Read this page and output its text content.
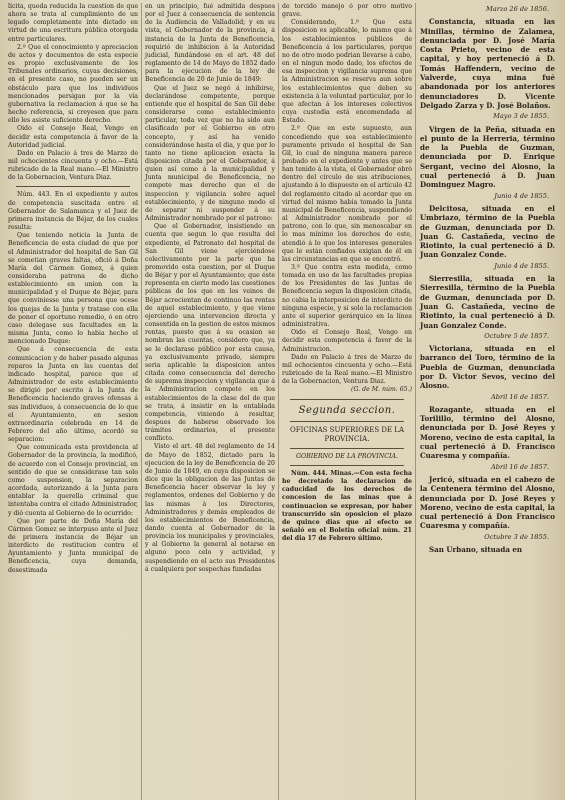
lícita, queda reducida la cuestion de que ahora se trata al cumplimiento de un legado completamente inte dictado en virtud de una escritura pública otorgada entre particulares.

2.º Que el conocimiento y apreciacion de actos y documentos de esta especie es propio exclusivamente de los Tribunales ordinarios, cuyas decisiones, en el presente caso, no pueden ser un obstáculo para que los individuos mencionados persigan por la vía gubernativa la reclamacion á que se ha hecho referencia, si creyesen que para ello les asiste suficiente derecho.

Oido el Consejo Real, Vengo en decidir esta competencia á favor de la Autoridad judicial.

Dado en Palacio á tres de Marzo de mil ochocientos cincuenta y ocho.—Está rubricado de la Real mano.—El Ministro de la Gobernacion, Ventura Diaz.

Núm. 443. En el expediente y autos de competencia suscitada entre el Gobernador de Salamanca y el Juez de primera instancia de Béjar, de los cuales resulta:

Que teniendo noticia la Junta de Beneficencia de esta ciudad de que por el Administrador del hospital de San Gil se cometian graves faltas, ofició á Doña María del Cármen Gomez, á quien consideraba patrona de dicho establecimiento en union con la municipalidad y el Duque de Béjar, para que conviniesse una persona que ocese los quejas de la Junta y tratase con ella de poner el oportuno remedio, ó en otro caso delegase sus facultades en la misma Junta, como lo habia hecho el mencionado Duque:

Que á consecuencia de esta comunicacion y de haber pasado algunas reparos la Junta en las cuentas del indicado hospital, parece que el Administrador de este establecimiento se dirigió por escrito á la Junta de Beneficencia haciendo graves ofensas á sus individuos, á consecuencia de lo que el Ayuntamiento, en sesion extraordinaria celebrada en 14 de Febrero del año último, acordó su separacion:

Que comunicada esta providencia al Gobernador de la provincia, la modificó, de acuerdo con el Consejo provincial, en sentido de que se considerase tan solo como suspension, la separacion acordada, autorizando á la Junta para entablar la querella criminal que intentaba contra el citado Administrador, y dió cuenta al Gobierno de lo ocurrido:

Que por parte de Doña María del Cármen Gomez se interpuso ante el Juez de primera instancia de Béjar un interdicto de restitucion contra el Ayuntamiento y Junta municipal de Beneficencia, cuya demanda, desestimada

en un principio, fué admitida despues por el Juez á consecuencia de sentencia de la Audiencia de Valladolid; y en su vista, el Gobernador de la provincia, á instancia de la Junta de Beneficencia, requirió de inhibicion á la Autoridad judicial, fundándose en el art. 48 del reglamento de 14 de Mayo de 1852 dado para la ejecucion de la ley de Beneficencia de 20 de Junio de 1849:

Que el Juez se negó á inhibirse, declarándose competente, porque entiende que el hospital de San Gil debe considerarse como establecimiento particular, toda vez que no ha sido aun clasificado por el Gobierno en otro concepto, y así ha venido considerándose hasta el dia, y que por lo tanto no tiene aplicacion exacta la disposicion citada por el Gobernador, á quien así como á la municipalidad y Junta municipal de Beneficencia, no compete mas derecho que el de inspeccion y vigilancia sobre aquel establecimiento, y de ninguno modo el de separar ni suspender á su Administrador nombrado por el patrono:

Que el Gobernador, insistiendo en cuenta que segun lo que resulta del expediente, el Patronato del hospital de San Gil viene ejerciéndose colectivamente por la parte que ha promovido esta cuestion, por el Duque de Béjar y por el Ayuntamiento; que éste representa en cierto modo las cuestiones públicas de los que en los veinos de Béjar acrecientan de continuo las rentas de aquel establecimiento, y que viene ejerciendo una intervencion directa y consentida en la gestion de estos mismos rentas, puesto que á su ocasion se nombran las cuentas, considero que, ya se le declarase público por esta causa, ya exclusivamente privado, siempre seria aplicable la disposicion antes citada como consecuencia del derecho de suprema inspeccion y vigilancia que á la Administracion compete en los establecimientos de la clase del de que se trata, á insistir en la entablada competencia, viniendo á resultar, despues de haberse observado los trámites ordinarios, el presente conflicto.

Visto el art. 48 del reglamento de 14 de Mayo de 1852, dictado para la ejecucion de la ley de Beneficencia de 20 de Junio de 1849, en cuya disposicion se dice que la obligacion de las Juntas de Beneficencia hacer observar la ley y reglamentos, ordenes del Gobierno y de las mismas á los Directores, Administradores y demás empleados de los establecimientos de Beneficencia, dando cuenta al Gobernador de la provincia los municipales y provinciales, y al Gobierno la general al notarse en alguno poco celo y actividad, y suspendiendo en el acto sus Presidentes á cualquiera por sospechas fundadas

de torcido manejo ó por otro motivo grave.

Considerando, 1.º Que esta disposicion es aplicable, lo mismo que á los establecimientos públicos de Beneficencia á los particulares, porque no de otro modo podrian llevarse á cabo, en el ningun modo dado, los efectos de esa inspeccion y vigilancia suprema que la Administracion se reserva aun sobre los establecimientos que deben su existencia á la voluntad particular, por lo que afectan á los intereses colectivos cuya custodia está encomendada al Estado.

2.º Que en este supuesto, aun concediendo que sea establecimiento puramente privado el hospital de San Gil, lo cual de ninguna manera parece probado en el expediente y antes que se han tenido á la vista, el Gobernador obró dentro del círculo de sus atribuciones, ajustando á lo dispuesto en el artículo 42 del reglamento citado al acordar que en virtud del mismo habia tomado la Junta municipal de Beneficencia, suspendiendo al Administrador nombrado por el patrono, con lo que, sin menoscabar en lo mas mínimo los derechos de este, atendió á lo que los intereses generales que le están confiados exigian de él en las circunstancias en que se encontró.

3.º Que contra esta medida, como tomada en uso de las facultades propias de los Presidentes de las Juntas de Beneficencia segun la disposicion citada, no cabia la interposicion de interdicto de ninguna especie, y si solo la reclamacion ante el superior gerárquico en la línea administrativa.

Oido el Consejo Real, Vengo en decidir esta competencia á favor de la Administracion.

Dado en Palacio á tres de Marzo de mil ochocientos cincuenta y ocho.—Está rubricado de la Real mano.—El Ministro de la Gobernacion, Ventura Diaz.

(G. de M. núm. 65.)

Segunda seccion.

OFICINAS SUPERIORES DE LA PROVINCIA.

GOBIERNO DE LA PROVINCIA.

Núm. 444. Minas.—Con esta fecha he decretado la declaracion de caducidad de los derechos de concesion de las minas que á continuacion se expresan, por haber transcurrido sin oposicion el plazo de quince dias que al efecto se señaló en el Boletin oficial núm. 21 del dia 17 de Febrero último.

Marzo 26 de 1856.

Constancia, situada en las Minillas, término de Zalamea, denunciada por D. José María Costa Prieto, vecino de esta capital, y hoy perteneció á D. Tomás Haffendern, vecino de Valverde, cuya mina fué abandonada por los anteriores denunciadores D. Vicente Delgado Zarza y D. José Bolaños.

Mayo 3 de 1855.

Virgen de la Peña, situada en el punto de la Herreria, término de la Puebla de Guzman, denunciada por D. Enrique Sergant, vecino del Alosno, la cual perteneció á D. Juan Dominguez Magro.

Junio 4 de 1855.

Delcitosa, situada en el Umbriazo, término de la Puebla de Guzman, denunciada por D. Juan G. Castañeda, vecino de Riotinto, la cual perteneció á D. Juan Gonzalez Conde.

Junio 4 de 1855.

Sierresilla, situada en la Sierresilla, término de la Puebla de Guzman, denunciada por D. Juan G. Castañeda, vecino de Riotinto, la cual perteneció á D. Juan Gonzalez Conde.

Octubre 5 de 1857.

Victoriana, situada en el barranco del Toro, término de la Puebla de Guzman, denunciada por D. Victor Sevos, vecino del Alosno.

Abril 16 de 1857.

Rozagante, situada en el Torilillo, término del Alosno, denunciada por D. José Reyes y Moreno, vecino de esta capital, la cual perteneció á D. Francisco Cuaresma y compañía.

Abril 16 de 1857.

Jericó, situada en el cabezo de la Centenera término del Alosno, denunciada por D. José Reyes y Moreno, vecino de esta capital, la cual perteneció á Don Francisco Cuaresma y compañía.

Octubre 3 de 1855.

San Urbano, situada en
